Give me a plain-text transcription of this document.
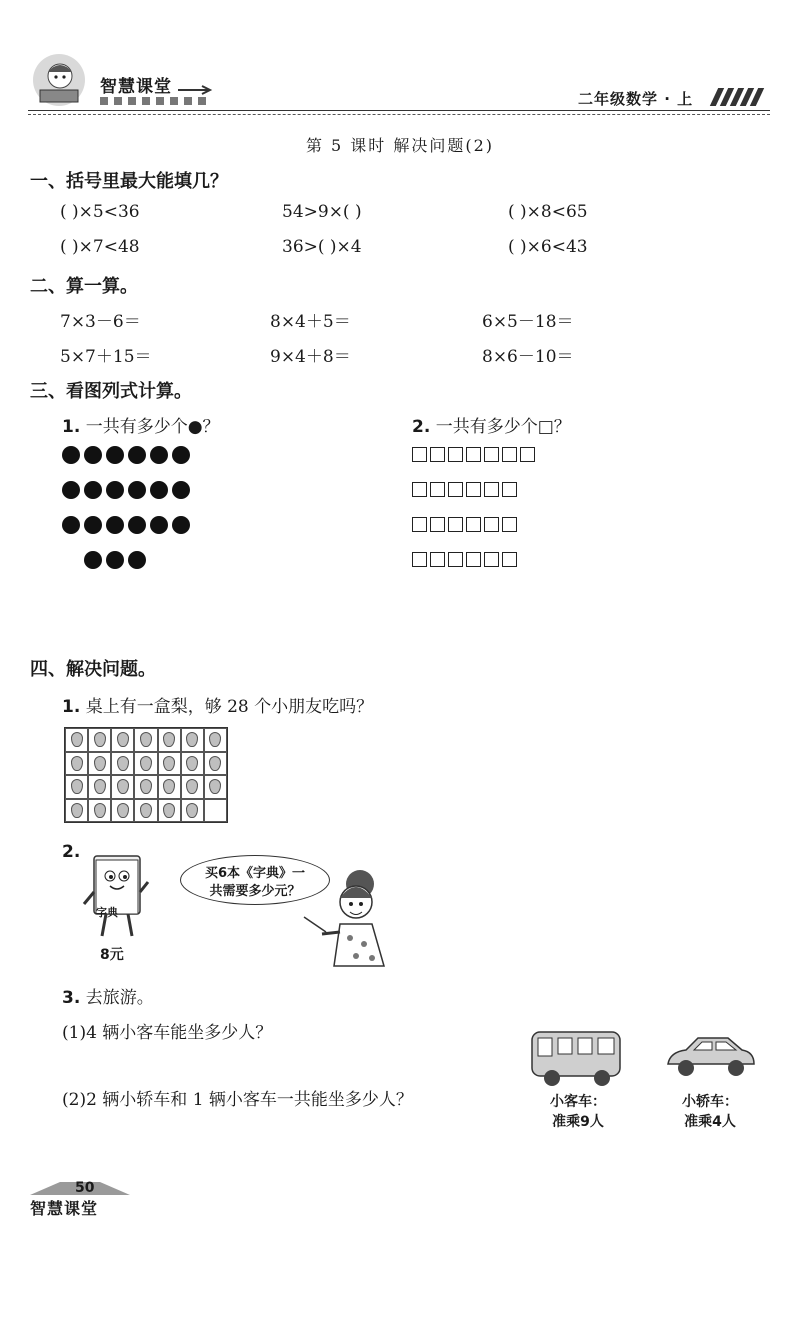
智慧课堂
二年级数学 · 上
第 5 课时 解决问题(2)
一、括号里最大能填几？
( )×5<36	54>9×( )	( )×8<65
( )×7<48	36>( )×4	( )×6<43
二、算一算。
7×3－6＝	8×4＋5＝	6×5－18＝
5×7＋15＝	9×4＋8＝	8×6－10＝
三、看图列式计算。
1. 一共有多少个●？	2. 一共有多少个□？
四、解决问题。
1. 桌上有一盒梨，够 28 个小朋友吃吗？
2.
字典
8元
买6本《字典》一
共需要多少元？
3. 去旅游。
(1)4 辆小客车能坐多少人？
(2)2 辆小轿车和 1 辆小客车一共能坐多少人？	小客车：
准乘9人
小轿车：
准乘4人
50
智慧课堂
